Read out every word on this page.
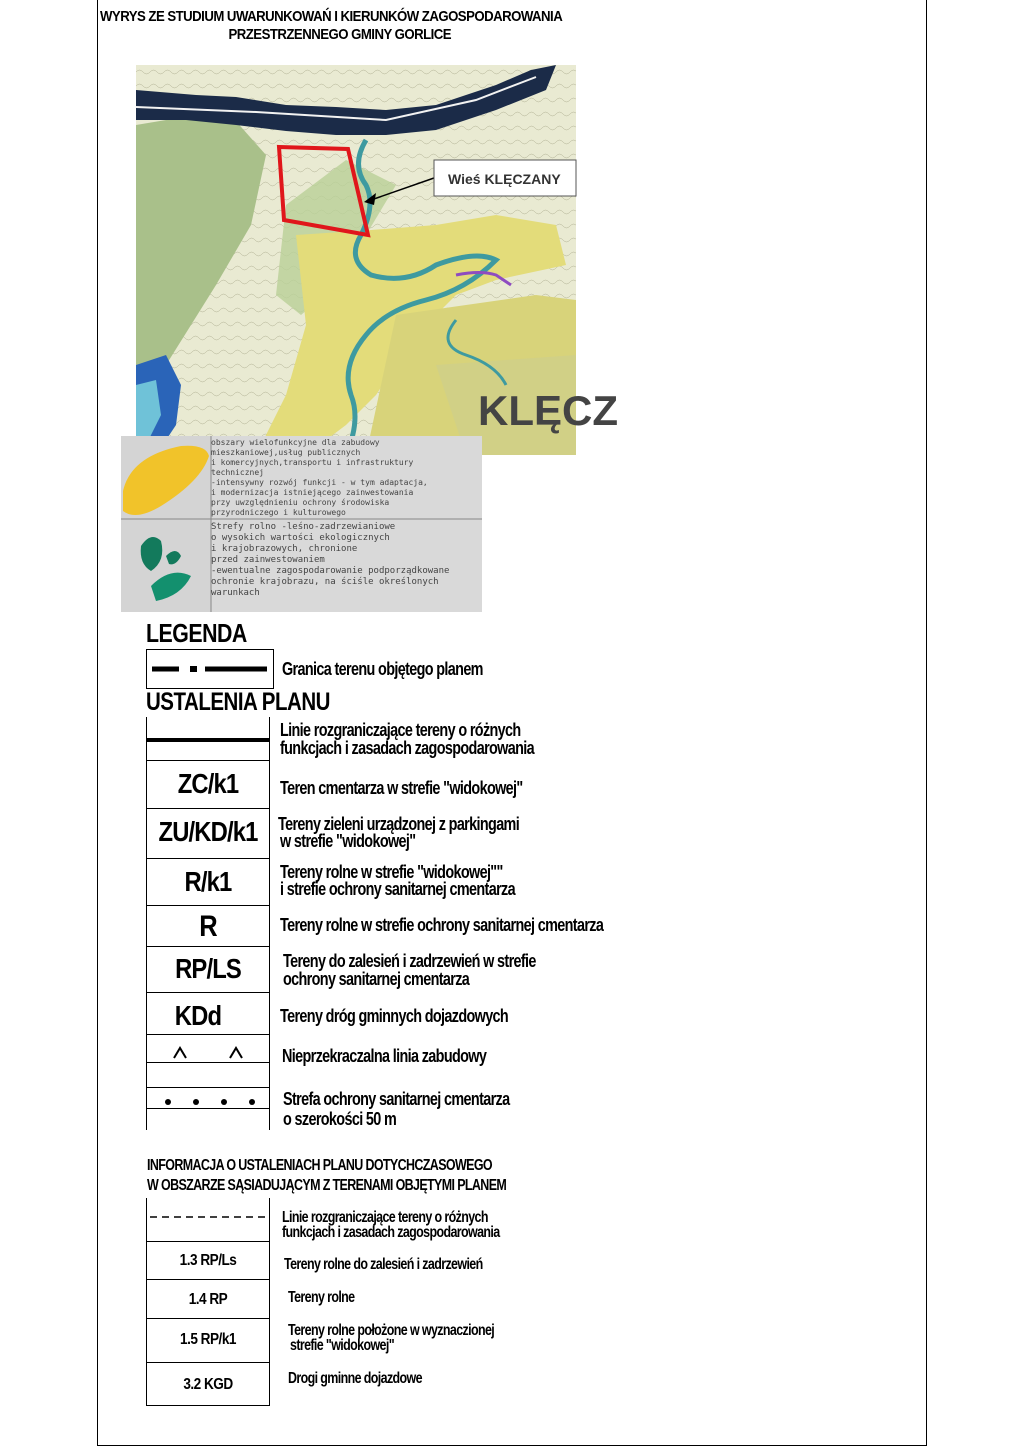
WYRYS ZE STUDIUM UWARUNKOWAŃ I KIERUNKÓW ZAGOSPODAROWANIA
PRZESTRZENNEGO GMINY GORLICE
Wieś KLĘCZANY
KLĘCZ
obszary wielofunkcyjne dla zabudowy
mieszkaniowej,usług publicznych
i komercyjnych,transportu i infrastruktury
technicznej
-intensywny rozwój funkcji - w tym adaptacja,
i modernizacja istniejącego zainwestowania
przy uwzględnieniu ochrony środowiska
przyrodniczego i kulturowego
Strefy rolno -leśno-zadrzewianiowe
o wysokich wartości ekologicznych
i krajobrazowych, chronione
przed zainwestowaniem
-ewentualne zagospodarowanie podporządkowane
ochronie krajobrazu, na ściśle określonych
warunkach
LEGENDA
Granica terenu objętego planem
USTALENIA PLANU
ZC/k1
ZU/KD/k1
R/k1
R
RP/LS
KDd
Linie rozgraniczające tereny o różnych
funkcjach i zasadach zagospodarowania
Teren cmentarza w strefie "widokowej"
Tereny zieleni urządzonej z parkingami
w strefie "widokowej"
Tereny rolne w strefie "widokowej""
i strefie ochrony sanitarnej cmentarza
Tereny rolne w strefie ochrony sanitarnej cmentarza
Tereny do zalesień i zadrzewień w strefie
ochrony sanitarnej cmentarza
Tereny dróg gminnych dojazdowych
Nieprzekraczalna linia zabudowy
Strefa ochrony sanitarnej cmentarza
o szerokości 50 m
INFORMACJA O USTALENIACH PLANU DOTYCHCZASOWEGO
W OBSZARZE SĄSIADUJĄCYM Z TERENAMI OBJĘTYMI PLANEM
1.3 RP/Ls
1.4 RP
1.5 RP/k1
3.2 KGD
Linie rozgraniczające tereny o różnych
funkcjach i zasadach zagospodarowania
Tereny rolne do zalesień i zadrzewień
Tereny rolne
Tereny rolne położone w wyznaczionej
strefie "widokowej"
Drogi gminne dojazdowe
